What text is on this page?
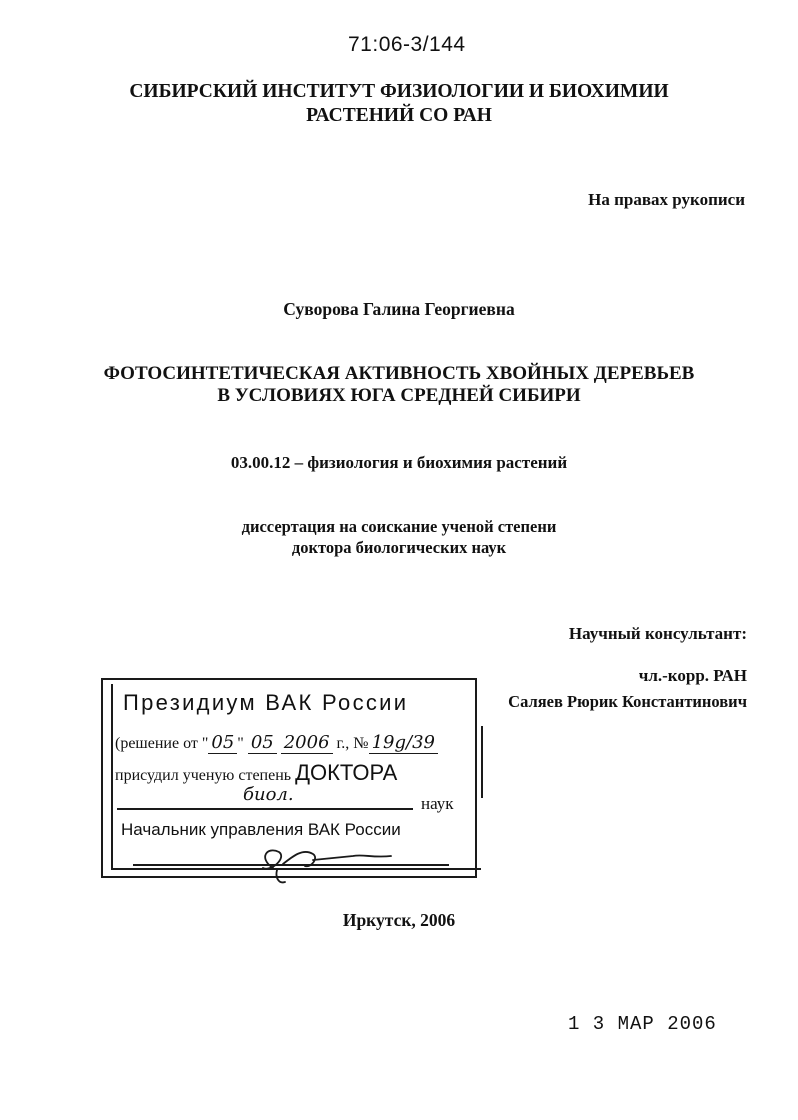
71:06-3/144
СИБИРСКИЙ ИНСТИТУТ ФИЗИОЛОГИИ И БИОХИМИИ
РАСТЕНИЙ СО РАН
На правах рукописи
Суворова Галина Георгиевна
ФОТОСИНТЕТИЧЕСКАЯ АКТИВНОСТЬ ХВОЙНЫХ ДЕРЕВЬЕВ
В УСЛОВИЯХ ЮГА СРЕДНЕЙ СИБИРИ
03.00.12 – физиология и биохимия растений
диссертация на соискание ученой степени
доктора биологических наук
Научный консультант:
чл.-корр. РАН
Саляев Рюрик Константинович
Президиум ВАК России
(решение от " 05 " 05 2006 г., № 19g/39
присудил ученую степень ДОКТОРА
биол.	наук
Начальник управления ВАК России
Иркутск, 2006
1 3 МАР 2006
